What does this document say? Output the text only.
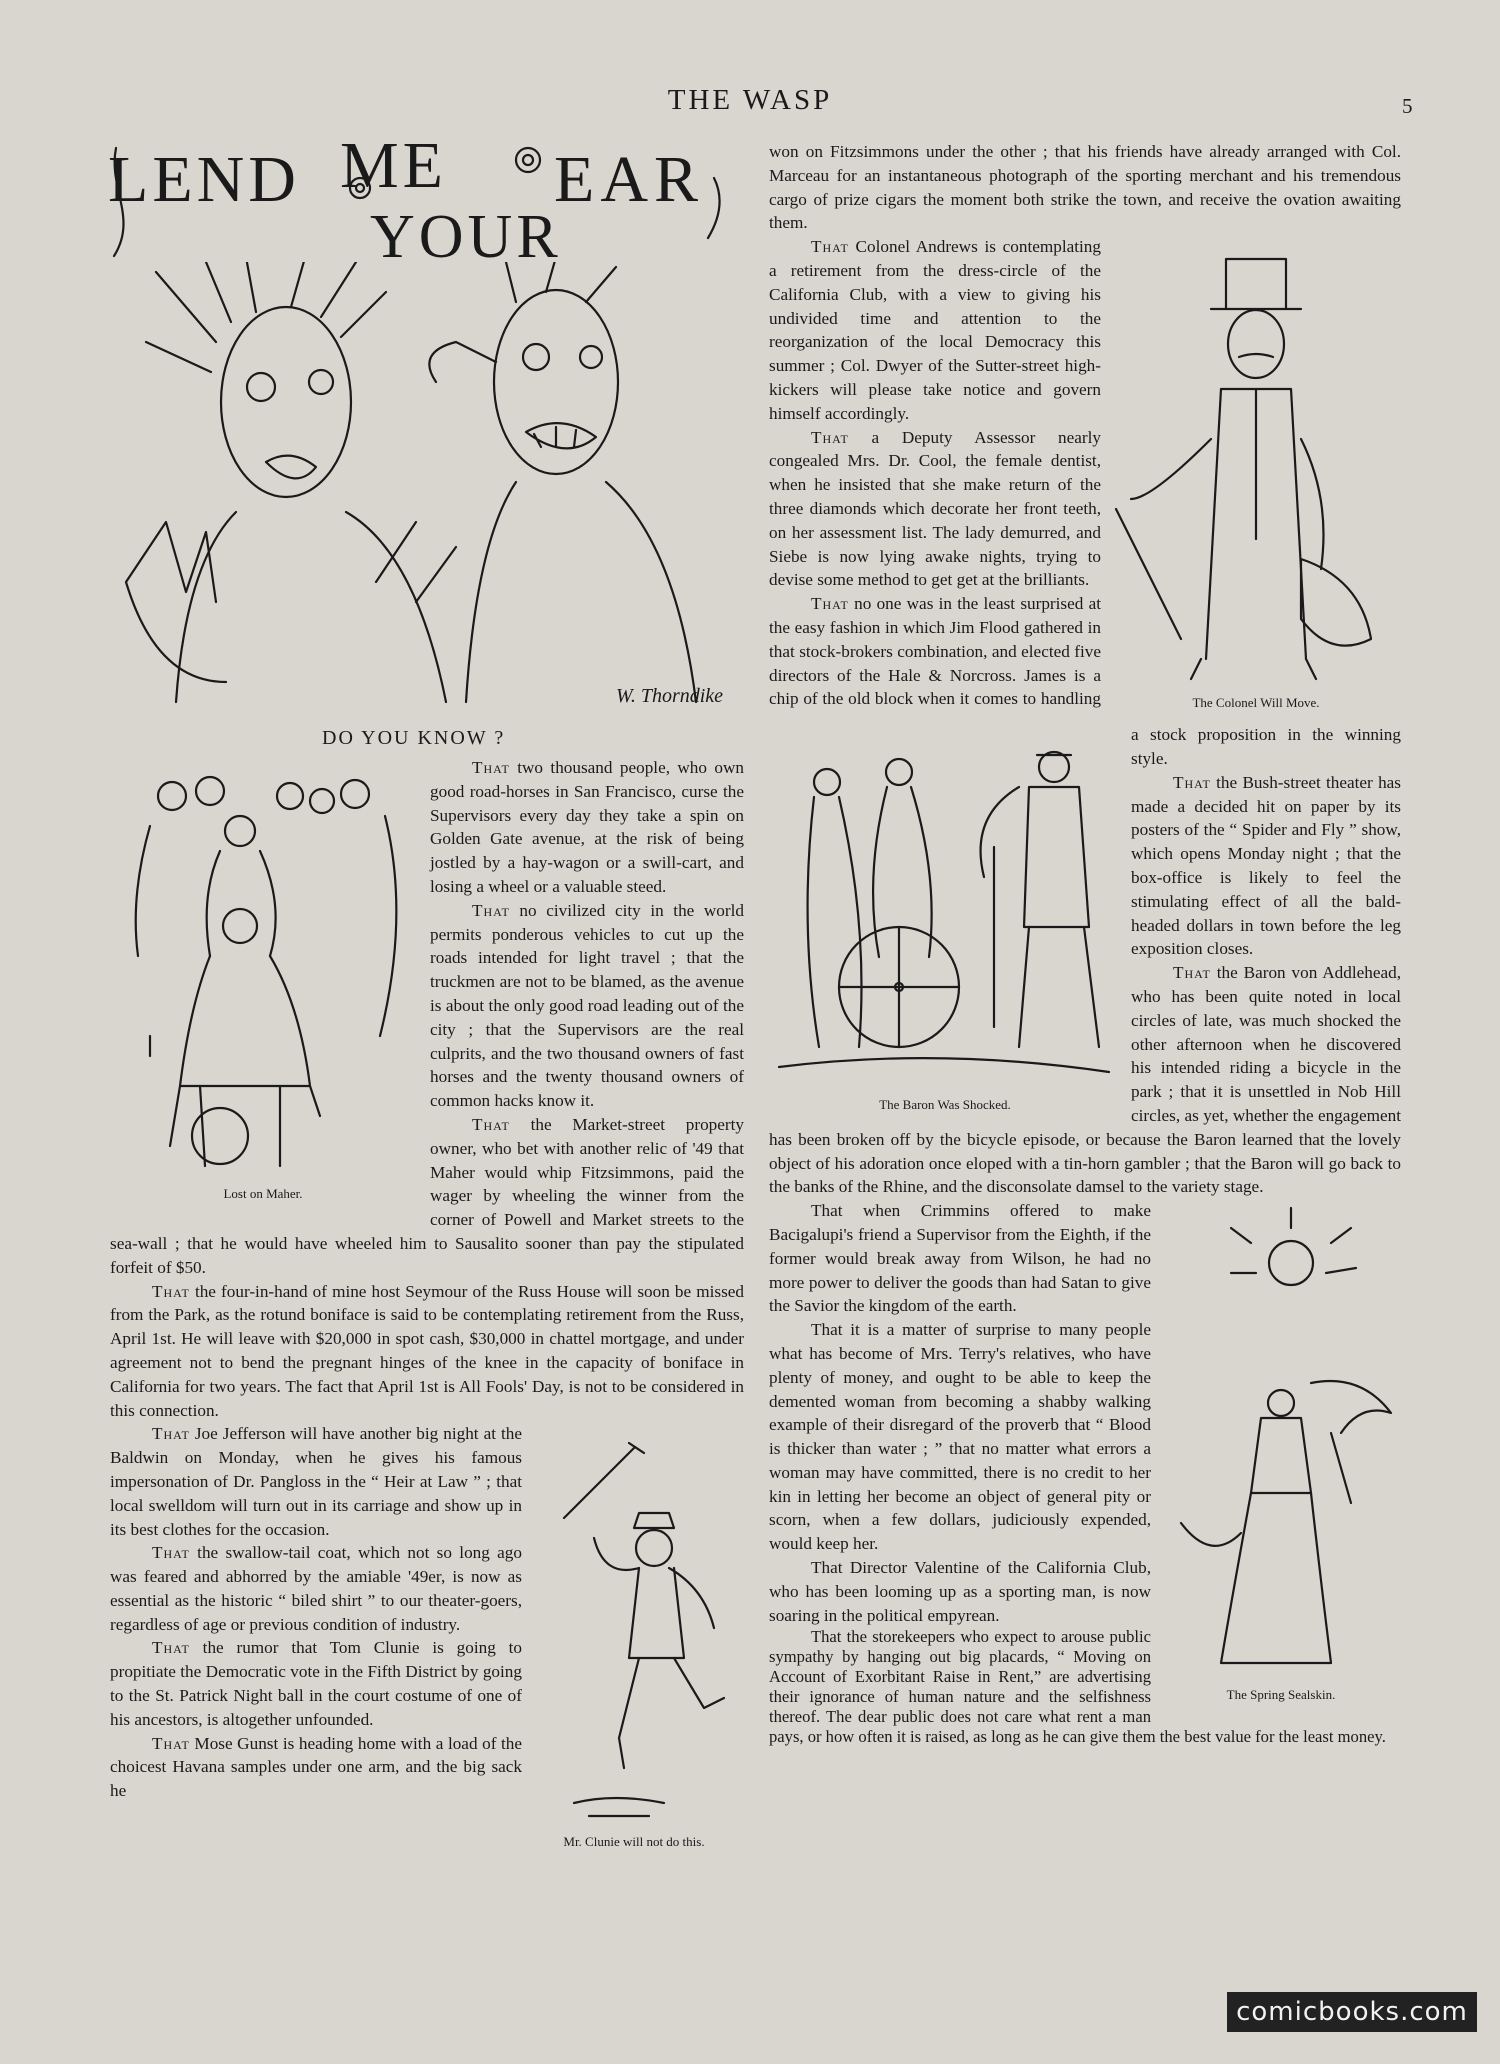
THE WASP	5
LEND ME EAR
YOUR
W. Thorndike
DO YOU KNOW ?
Lost on Maher.

That two thousand people, who own good road-horses in San Francisco, curse the Supervisors every day they take a spin on Golden Gate avenue, at the risk of being jostled by a hay-wagon or a swill-cart, and losing a wheel or a valuable steed.

That no civilized city in the world permits ponderous vehicles to cut up the roads intended for light travel ; that the truckmen are not to be blamed, as the avenue is about the only good road leading out of the city ; that the Supervisors are the real culprits, and the two thousand owners of fast horses and the twenty thousand owners of common hacks know it.

That the Market-street property owner, who bet with another relic of '49 that Maher would whip Fitzsimmons, paid the wager by wheeling the winner from the corner of Powell and Market streets to the sea-wall ; that he would have wheeled him to Sausalito sooner than pay the stipulated forfeit of $50.

That the four-in-hand of mine host Seymour of the Russ House will soon be missed from the Park, as the rotund boniface is said to be contemplating retirement from the Russ, April 1st. He will leave with $20,000 in spot cash, $30,000 in chattel mortgage, and under agreement not to bend the pregnant hinges of the knee in the capacity of boniface in California for two years. The fact that April 1st is All Fools' Day, is not to be considered in this connection.

Mr. Clunie will not do this.

That Joe Jefferson will have another big night at the Baldwin on Monday, when he gives his famous impersonation of Dr. Pangloss in the “ Heir at Law ” ; that local swelldom will turn out in its carriage and show up in its best clothes for the occasion.

That the swallow-tail coat, which not so long ago was feared and abhorred by the amiable '49er, is now as essential as the historic “ biled shirt ” to our theater-goers, regardless of age or previous condition of industry.

That the rumor that Tom Clunie is going to propitiate the Democratic vote in the Fifth District by going to the St. Patrick Night ball in the court costume of one of his ancestors, is altogether unfounded.

That Mose Gunst is heading home with a load of the choicest Havana samples under one arm, and the big sack he

won on Fitzsimmons under the other ; that his friends have already arranged with Col. Marceau for an instantaneous photograph of the sporting merchant and his tremendous cargo of prize cigars the moment both strike the town, and receive the ovation awaiting them.

The Colonel Will Move.

That Colonel Andrews is contemplating a retirement from the dress-circle of the California Club, with a view to giving his undivided time and attention to the reorganization of the local Democracy this summer ; Col. Dwyer of the Sutter-street high-kickers will please take notice and govern himself accordingly.

That a Deputy Assessor nearly congealed Mrs. Dr. Cool, the female dentist, when he insisted that she make return of the three diamonds which decorate her front teeth, on her assessment list. The lady demurred, and Siebe is now lying awake nights, trying to devise some method to get get at the brilliants.

The Baron Was Shocked.

That no one was in the least surprised at the easy fashion in which Jim Flood gathered in that stock-brokers combination, and elected five directors of the Hale & Norcross. James is a chip of the old block when it comes to handling a stock proposition in the winning style.

That the Bush-street theater has made a decided hit on paper by its posters of the “ Spider and Fly ” show, which opens Monday night ; that the box-office is likely to feel the stimulating effect of all the bald-headed dollars in town before the leg exposition closes.

That the Baron von Addlehead, who has been quite noted in local circles of late, was much shocked the other afternoon when he discovered his intended riding a bicycle in the park ; that it is unsettled in Nob Hill circles, as yet, whether the engagement has been broken off by the bicycle episode, or because the Baron learned that the lovely object of his adoration once eloped with a tin-horn gambler ; that the Baron will go back to the banks of the Rhine, and the disconsolate damsel to the variety stage.

The Spring Sealskin.

That when Crimmins offered to make Bacigalupi's friend a Supervisor from the Eighth, if the former would break away from Wilson, he had no more power to deliver the goods than had Satan to give the Savior the kingdom of the earth.

That it is a matter of surprise to many people what has become of Mrs. Terry's relatives, who have plenty of money, and ought to be able to keep the demented woman from becoming a shabby walking example of their disregard of the proverb that “ Blood is thicker than water ; ” that no matter what errors a woman may have committed, there is no credit to her kin in letting her become an object of general pity or scorn, when a few dollars, judiciously expended, would keep her.

That Director Valentine of the California Club, who has been looming up as a sporting man, is now soaring in the political empyrean.

That the storekeepers who expect to arouse public sympathy by hanging out big placards, “ Moving on Account of Exorbitant Raise in Rent,” are advertising their ignorance of human nature and the selfishness thereof. The dear public does not care what rent a man pays, or how often it is raised, as long as he can give them the best value for the least money.

comicbooks.com
